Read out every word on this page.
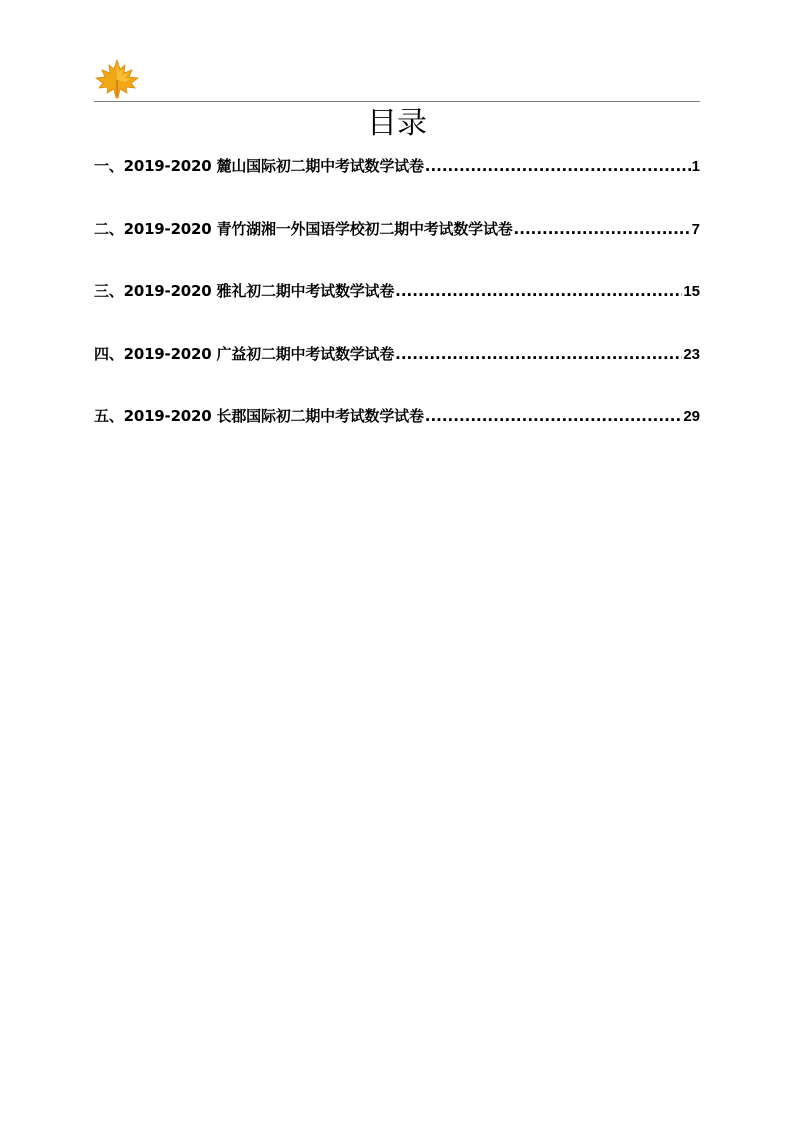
目录
一、2019-2020 麓山国际初二期中考试数学试卷 .....	1
二、2019-2020 青竹湖湘一外国语学校初二期中考试数学试卷 .....	7
三、2019-2020 雅礼初二期中考试数学试卷 .....	15
四、2019-2020 广益初二期中考试数学试卷 .....	23
五、2019-2020 长郡国际初二期中考试数学试卷 .....	29
